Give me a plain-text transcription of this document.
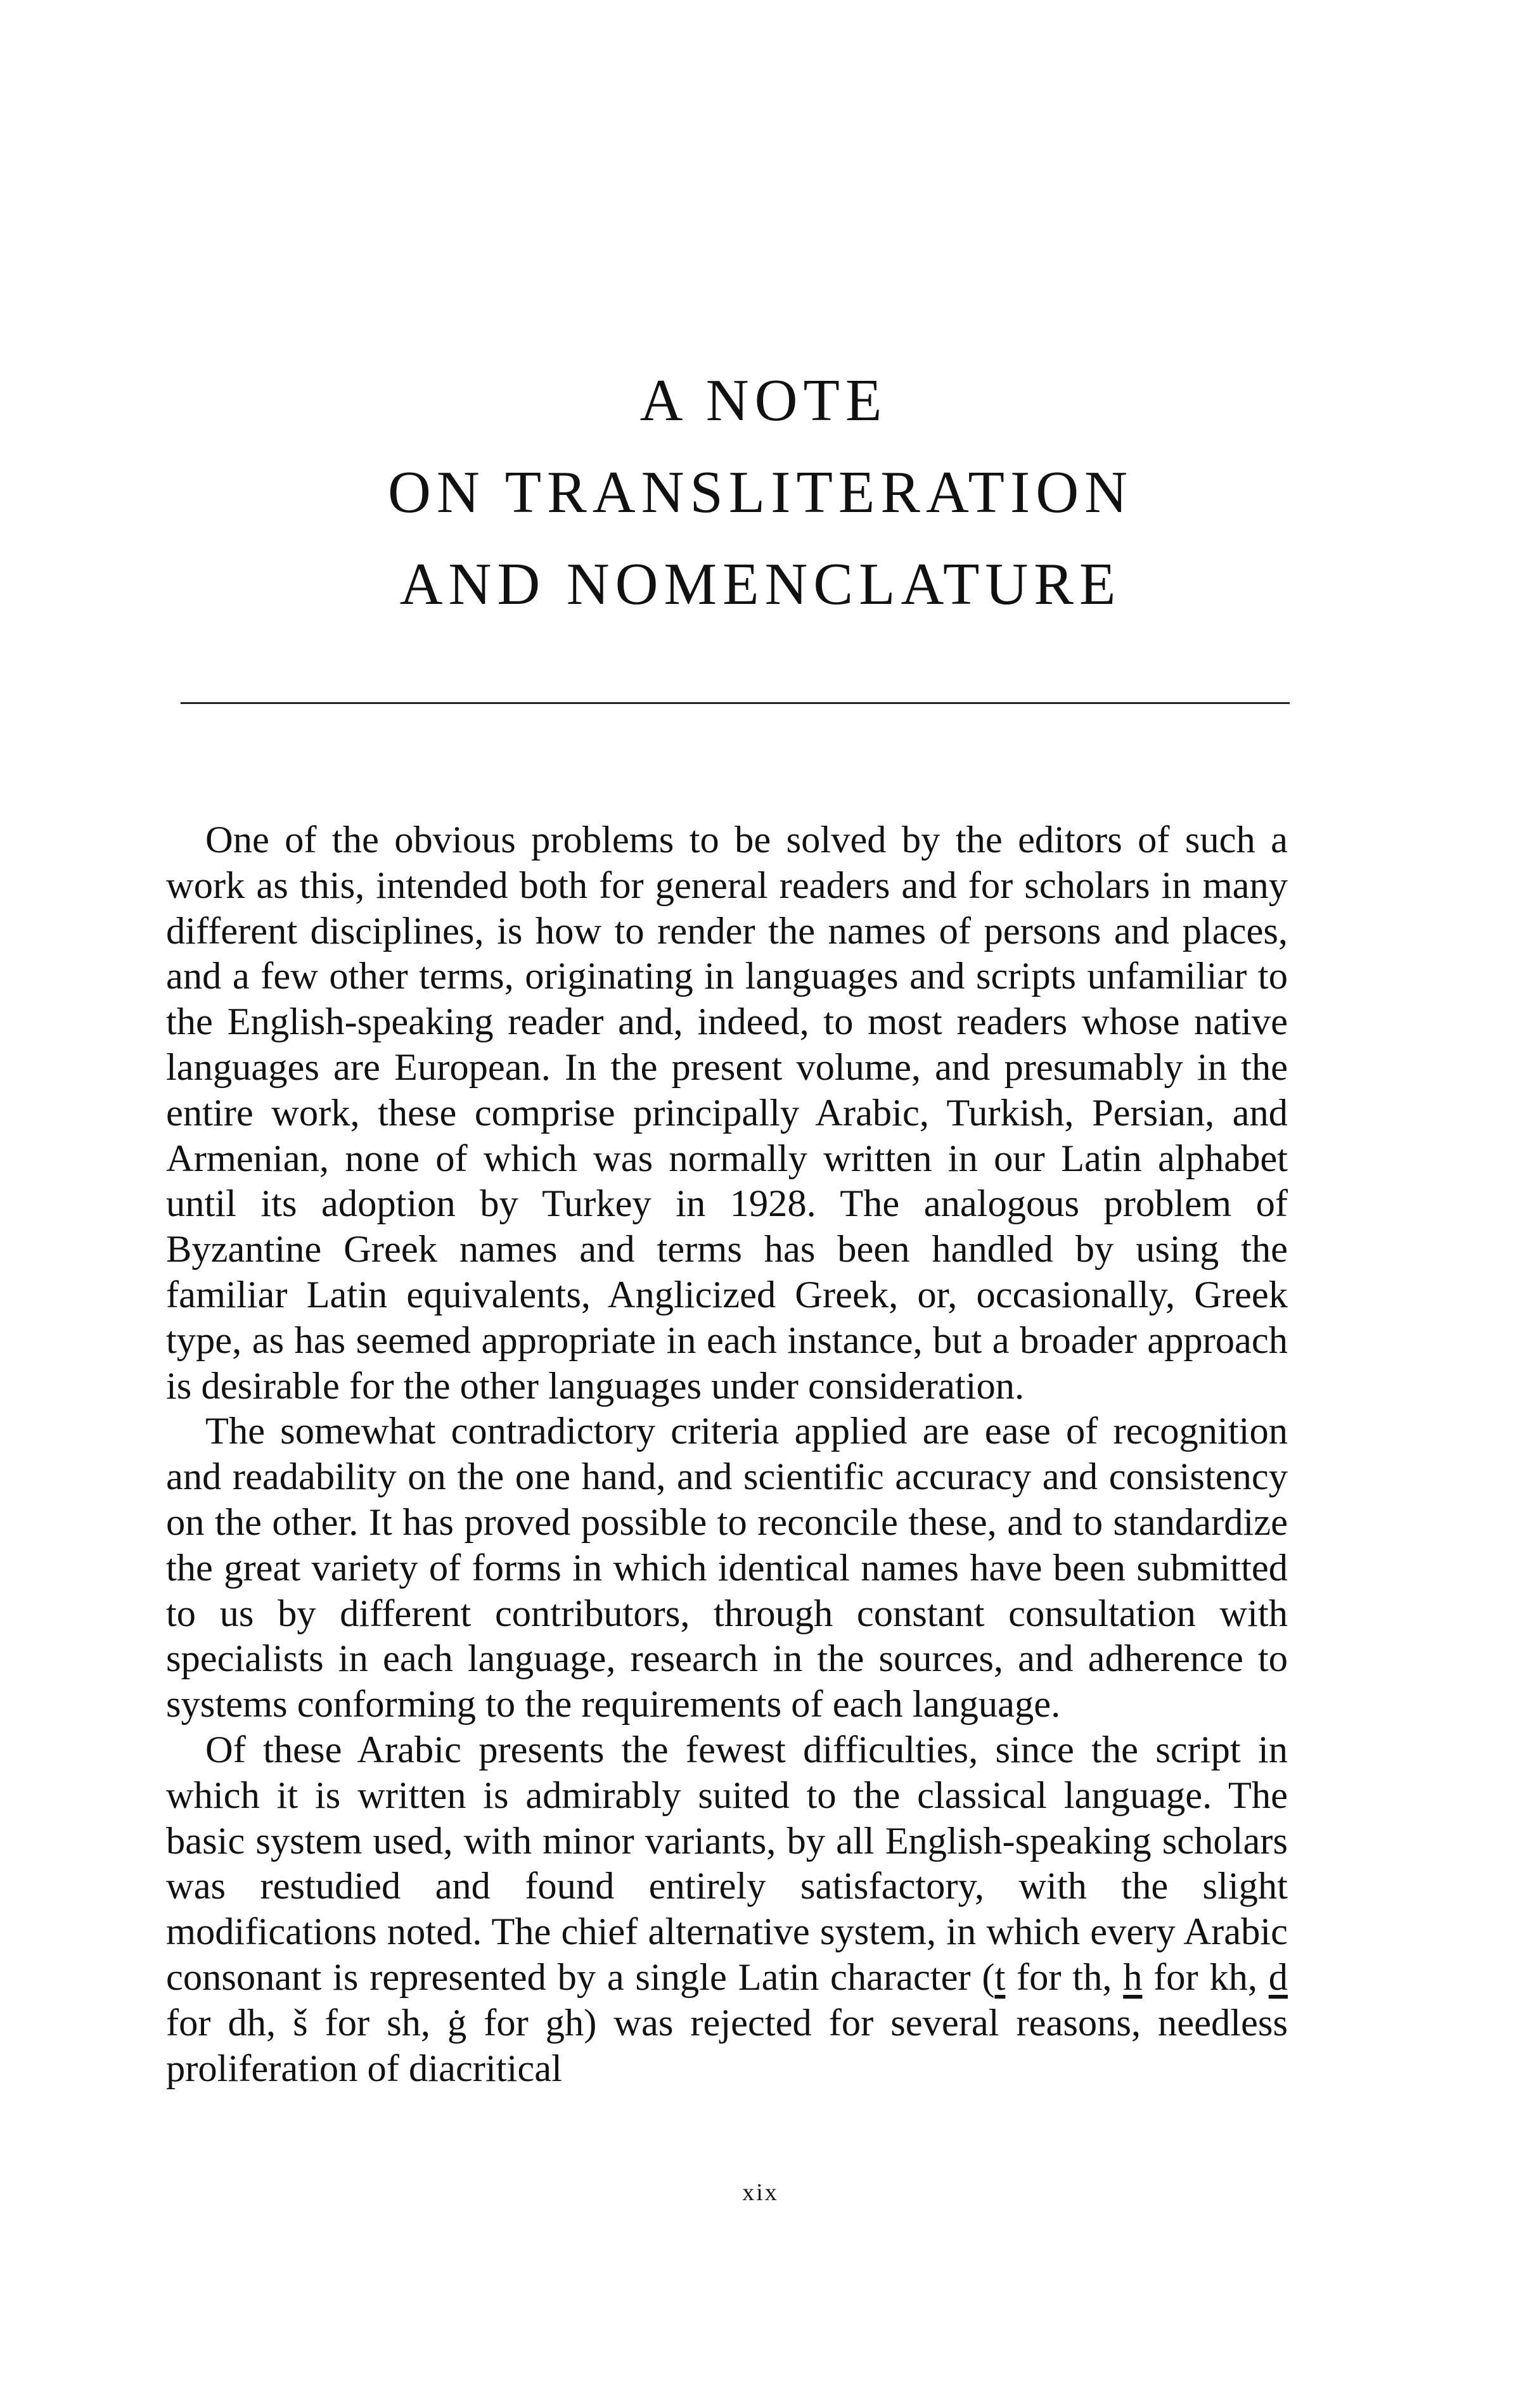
A NOTE
ON TRANSLITERATION
AND NOMENCLATURE

One of the obvious problems to be solved by the editors of such a work as this, intended both for general readers and for scholars in many different disciplines, is how to render the names of persons and places, and a few other terms, originating in languages and scripts unfamiliar to the English-speaking reader and, indeed, to most readers whose native languages are European. In the present volume, and presumably in the entire work, these comprise principally Arabic, Turkish, Persian, and Armenian, none of which was normally written in our Latin alphabet until its adoption by Turkey in 1928. The analogous problem of Byzantine Greek names and terms has been handled by using the familiar Latin equivalents, Anglicized Greek, or, occasionally, Greek type, as has seemed appropriate in each instance, but a broader approach is desirable for the other languages under consideration.

The somewhat contradictory criteria applied are ease of recognition and readability on the one hand, and scientific accuracy and consistency on the other. It has proved possible to reconcile these, and to standardize the great variety of forms in which identical names have been submitted to us by different contributors, through constant consultation with specialists in each language, research in the sources, and adherence to systems conforming to the requirements of each language.

Of these Arabic presents the fewest difficulties, since the script in which it is written is admirably suited to the classical language. The basic system used, with minor variants, by all English-speaking scholars was restudied and found entirely satisfactory, with the slight modifications noted. The chief alternative system, in which every Arabic consonant is represented by a single Latin character (t for th, h for kh, d for dh, š for sh, ġ for gh) was rejected for several reasons, needless proliferation of diacritical

xix
